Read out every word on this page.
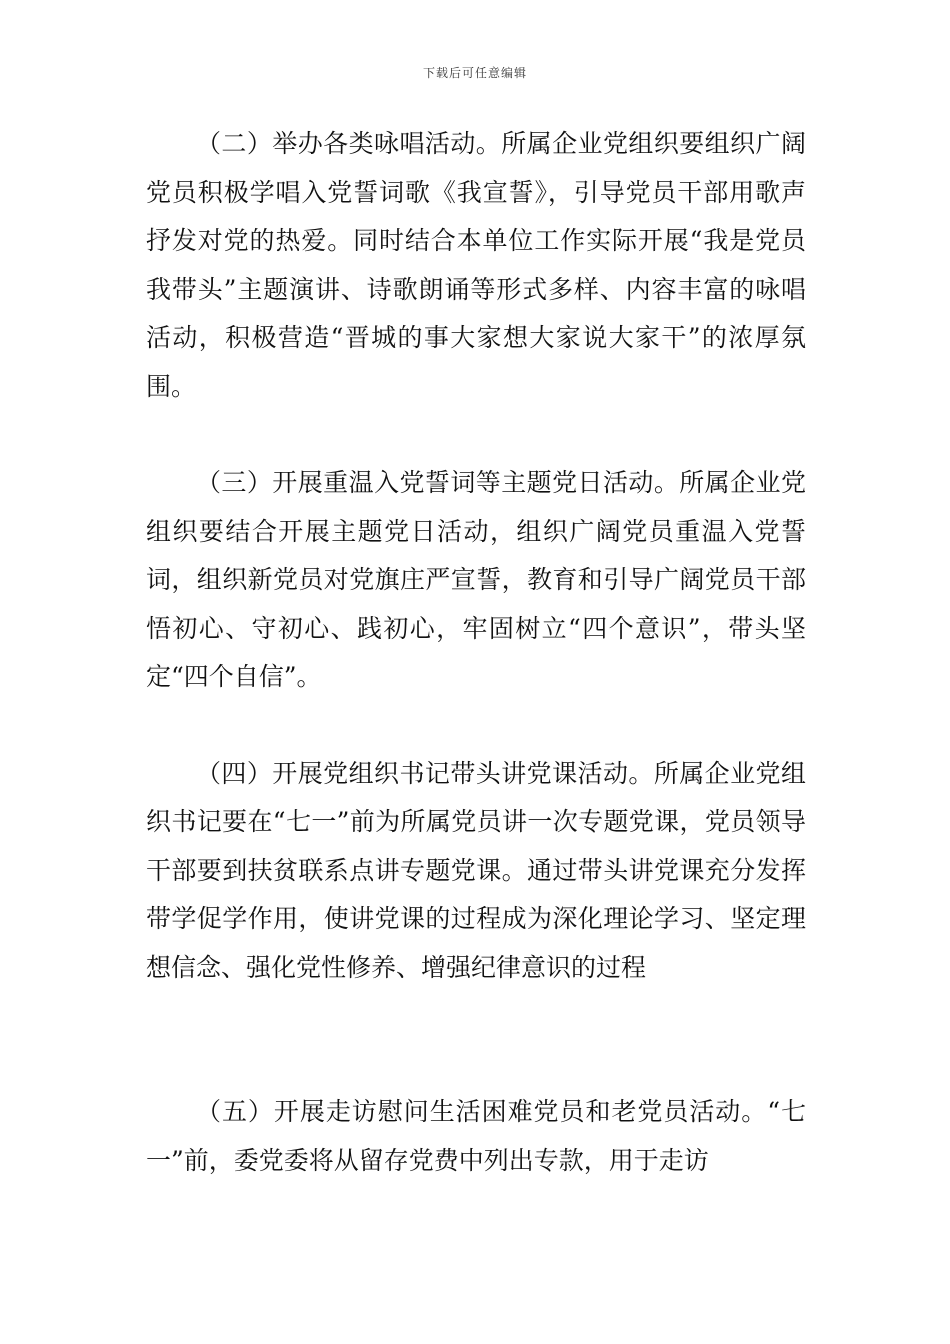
下载后可任意编辑

（二）举办各类咏唱活动。所属企业党组织要组织广阔党员积极学唱入党誓词歌《我宣誓》，引导党员干部用歌声抒发对党的热爱。同时结合本单位工作实际开展“我是党员我带头”主题演讲、诗歌朗诵等形式多样、内容丰富的咏唱活动，积极营造“晋城的事大家想大家说大家干”的浓厚氛围。

（三）开展重温入党誓词等主题党日活动。所属企业党组织要结合开展主题党日活动，组织广阔党员重温入党誓词，组织新党员对党旗庄严宣誓，教育和引导广阔党员干部悟初心、守初心、践初心，牢固树立“四个意识”，带头坚定“四个自信”。

（四）开展党组织书记带头讲党课活动。所属企业党组织书记要在“七一”前为所属党员讲一次专题党课，党员领导干部要到扶贫联系点讲专题党课。通过带头讲党课充分发挥带学促学作用，使讲党课的过程成为深化理论学习、坚定理想信念、强化党性修养、增强纪律意识的过程

（五）开展走访慰问生活困难党员和老党员活动。“七一”前，委党委将从留存党费中列出专款，用于走访
